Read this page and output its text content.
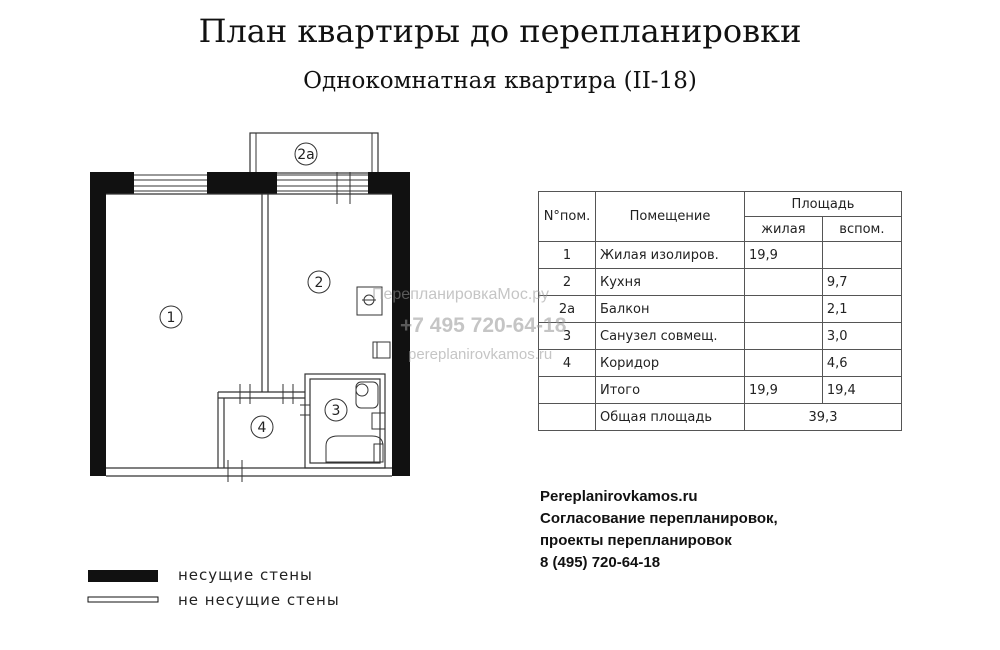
План квартиры до перепланировки
Однокомнатная квартира (II-18)
1
2
2а
3
4
несущие стены
не несущие стены
N°пом.	Помещение	Площадь	
		жилая	вспом.
1	Жилая изолиров.	19,9	
2	Кухня		9,7
2а	Балкон		2,1
3	Санузел совмещ.		3,0
4	Коридор		4,6
	Итого	19,9	19,4
	Общая площадь	39,3	
Pereplanirovkamos.ru
Согласование перепланировок,
проекты перепланировок
8 (495) 720-64-18
ПерепланировкаМос.ру
+7 495 720-64-18
pereplanirovkamos.ru
